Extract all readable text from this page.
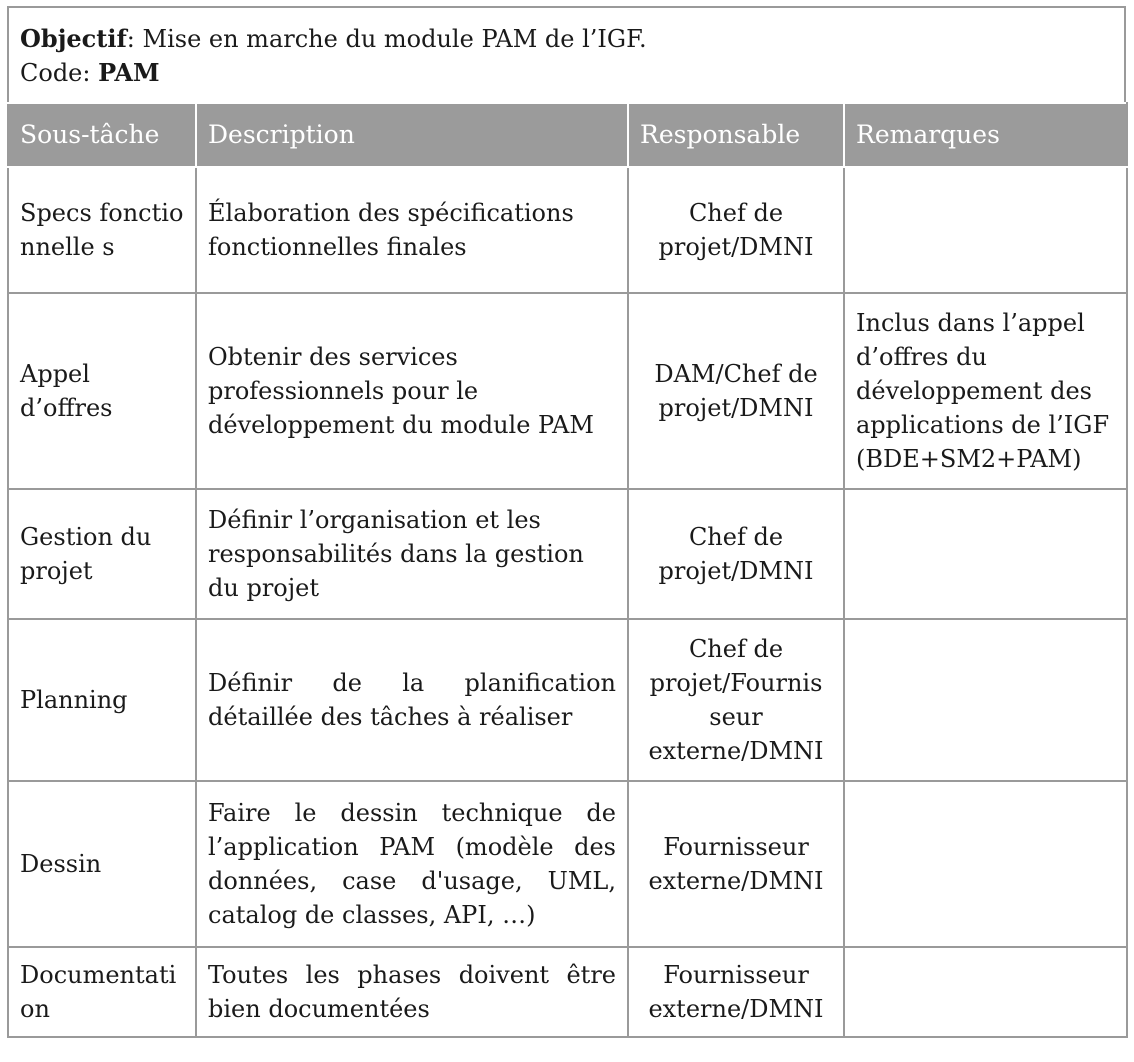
Objectif: Mise en marche du module PAM de l’IGF.
Code: PAM
Sous-tâche	Description	Responsable	Remarques
Specs fonctionnelle s	Élaboration des spécifications fonctionnelles finales	Chef de projet/DMNI	
Appel d’offres	Obtenir des services professionnels pour le développement du module PAM	DAM/Chef de projet/DMNI	Inclus dans l’appel d’offres du développement des applications de l’IGF (BDE+SM2+PAM)
Gestion du projet	Définir l’organisation et les responsabilités dans la gestion du projet	Chef de projet/DMNI	
Planning	Définir de la planification détaillée des tâches à réaliser	Chef de projet/Fournis seur externe/DMNI	
Dessin	Faire le dessin technique de l’application PAM (modèle des données, case d'usage, UML, catalog de classes, API, …)	Fournisseur externe/DMNI	
Documentati on	Toutes les phases doivent être bien documentées	Fournisseur externe/DMNI	
